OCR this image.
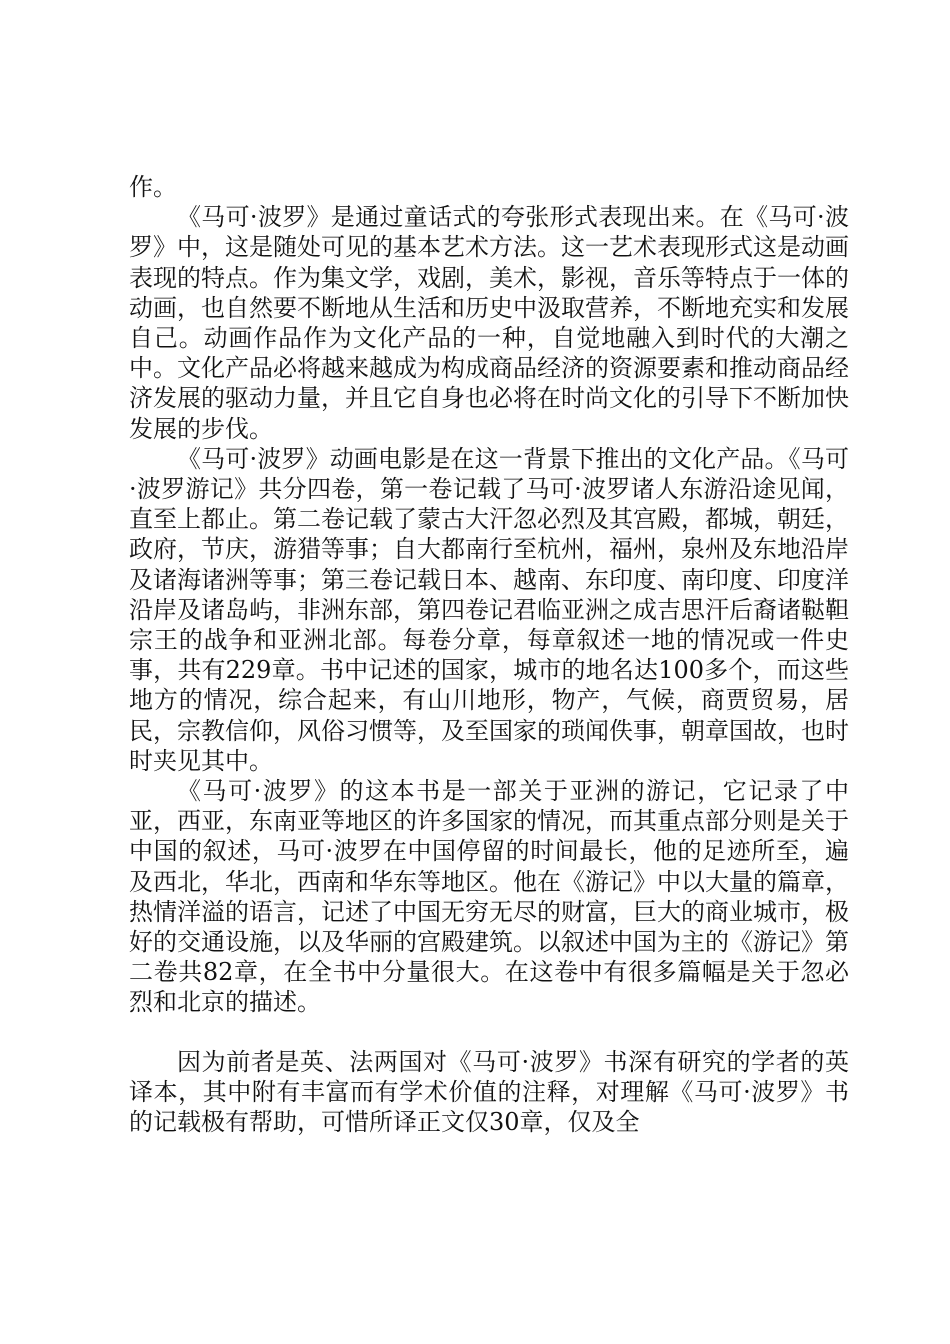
作。

《马可·波罗》是通过童话式的夸张形式表现出来。在《马可·波罗》中，这是随处可见的基本艺术方法。这一艺术表现形式这是动画表现的特点。作为集文学，戏剧，美术，影视，音乐等特点于一体的动画，也自然要不断地从生活和历史中汲取营养，不断地充实和发展自己。动画作品作为文化产品的一种，自觉地融入到时代的大潮之中。文化产品必将越来越成为构成商品经济的资源要素和推动商品经济发展的驱动力量，并且它自身也必将在时尚文化的引导下不断加快发展的步伐。

《马可·波罗》动画电影是在这一背景下推出的文化产品。《马可·波罗游记》共分四卷，第一卷记载了马可·波罗诸人东游沿途见闻，直至上都止。第二卷记载了蒙古大汗忽必烈及其宫殿，都城，朝廷，政府，节庆，游猎等事；自大都南行至杭州，福州，泉州及东地沿岸及诸海诸洲等事；第三卷记载日本、越南、东印度、南印度、印度洋沿岸及诸岛屿，非洲东部，第四卷记君临亚洲之成吉思汗后裔诸鞑靼宗王的战争和亚洲北部。每卷分章，每章叙述一地的情况或一件史事，共有229章。书中记述的国家，城市的地名达100多个，而这些地方的情况，综合起来，有山川地形，物产，气候，商贾贸易，居民，宗教信仰，风俗习惯等，及至国家的琐闻佚事，朝章国故，也时时夹见其中。

《马可·波罗》的这本书是一部关于亚洲的游记，它记录了中亚，西亚，东南亚等地区的许多国家的情况，而其重点部分则是关于中国的叙述，马可·波罗在中国停留的时间最长，他的足迹所至，遍及西北，华北，西南和华东等地区。他在《游记》中以大量的篇章，热情洋溢的语言，记述了中国无穷无尽的财富，巨大的商业城市，极好的交通设施，以及华丽的宫殿建筑。以叙述中国为主的《游记》第二卷共82章，在全书中分量很大。在这卷中有很多篇幅是关于忽必烈和北京的描述。

因为前者是英、法两国对《马可·波罗》书深有研究的学者的英译本，其中附有丰富而有学术价值的注释，对理解《马可·波罗》书的记载极有帮助，可惜所译正文仅30章，仅及全
